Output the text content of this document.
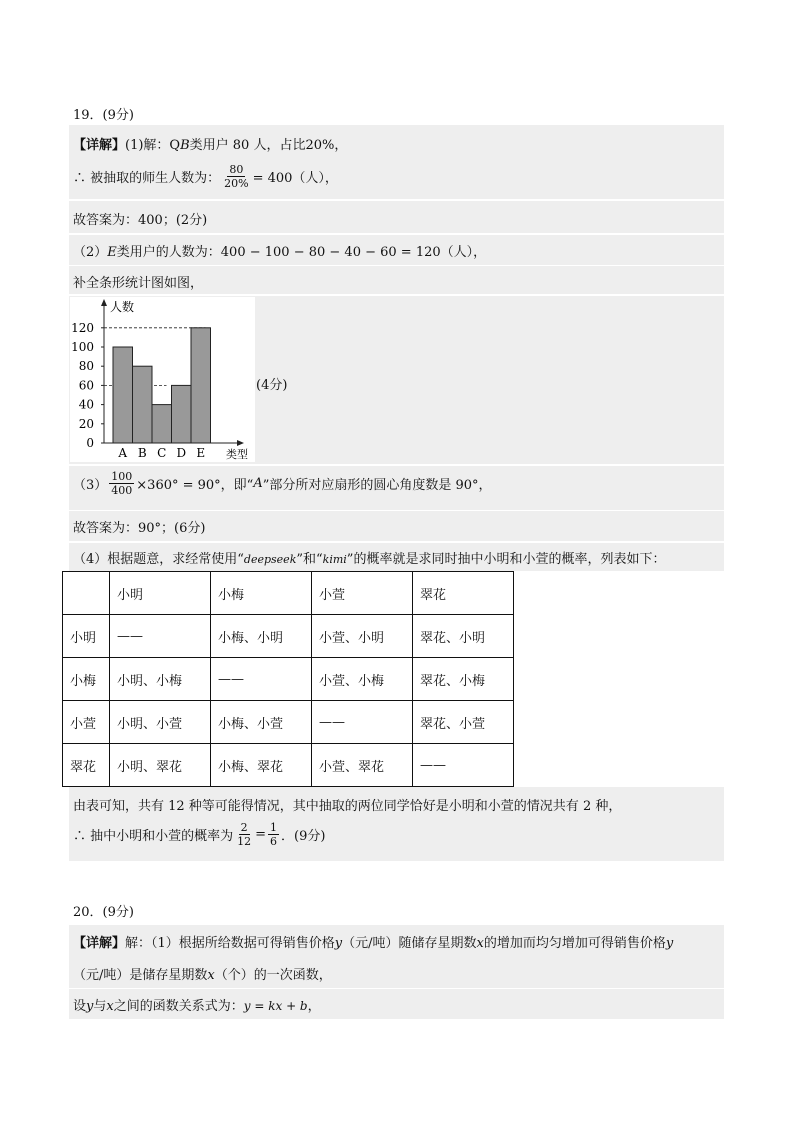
19．(9分)
【详解】(1)解：QB类用户 80 人，占比20%，
∴ 被抽取的师生人数为： $\frac{80}{20\%} = 400$（人），
故答案为：400；(2分)
（2）E类用户的人数为：400 − 100 − 80 − 40 − 60 = 120（人），
补全条形统计图如图，
A B C D E
0
20
40
60
80
100
120
人数
类型
(4分)
$(3) \frac{100}{400} \times 360^\circ = 90^\circ$，即“ A ”部分所对应扇形的圆心角度数是 90°，
故答案为：90°；(6分)
（4）根据题意，求经常使用“deepseek”和“kimi”的概率就是求同时抽中小明和小萱的概率，列表如下：
	小明	小梅	小萱	翠花
小明	——	小梅、小明	小萱、小明	翠花、小明
小梅	小明、小梅	——	小萱、小梅	翠花、小梅
小萱	小明、小萱	小梅、小萱	——	翠花、小萱
翠花	小明、翠花	小梅、翠花	小萱、翠花	——
由表可知，共有 12 种等可能得情况，其中抽取的两位同学恰好是小明和小萱的情况共有 2 种，
∴ 抽中小明和小萱的概率为 $\frac{2}{12} = \frac{1}{6}$ ．(9分)
20．(9分)
【详解】解：（1）根据所给数据可得销售价格y（元/吨）随储存星期数x的增加而均匀增加可得销售价格y
（元/吨）是储存星期数x（个）的一次函数，
设y与x之间的函数关系式为：y = kx + b，
